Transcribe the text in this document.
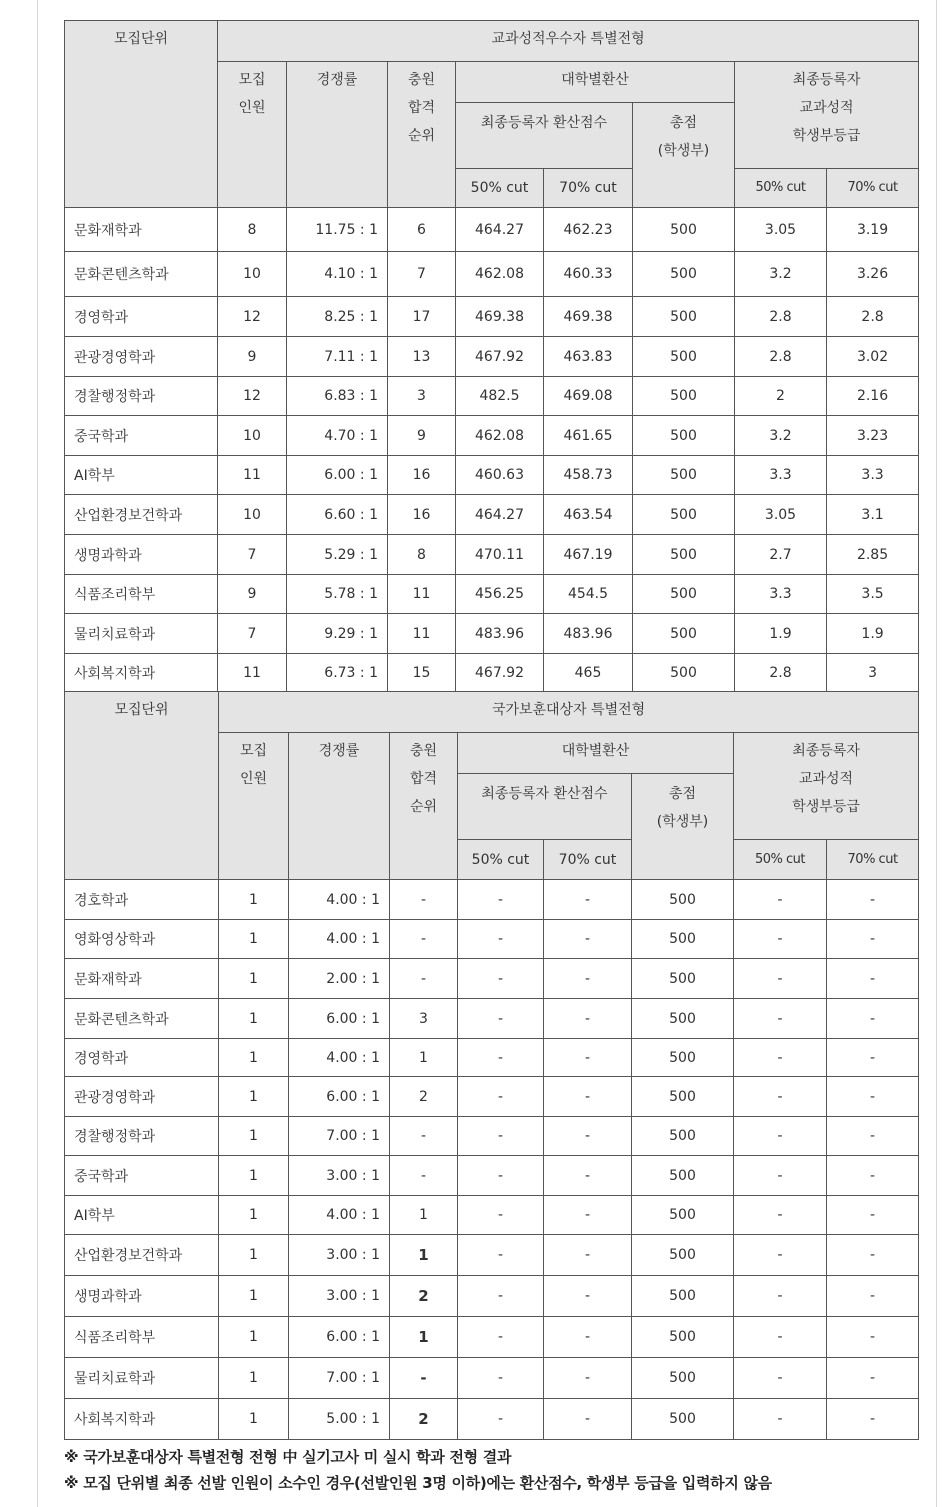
모집단위	교과성적우수자 특별전형							
	모집
인원	경쟁률	충원
합격
순위	대학별환산			최종등록자
교과성적
학생부등급	
				최종등록자 환산점수		총점
(학생부)		
				50% cut	70% cut		50% cut	70% cut
문화재학과	8	11.75 : 1	6	464.27	462.23	500	3.05	3.19
문화콘텐츠학과	10	4.10 : 1	7	462.08	460.33	500	3.2	3.26
경영학과	12	8.25 : 1	17	469.38	469.38	500	2.8	2.8
관광경영학과	9	7.11 : 1	13	467.92	463.83	500	2.8	3.02
경찰행정학과	12	6.83 : 1	3	482.5	469.08	500	2	2.16
중국학과	10	4.70 : 1	9	462.08	461.65	500	3.2	3.23
AI학부	11	6.00 : 1	16	460.63	458.73	500	3.3	3.3
산업환경보건학과	10	6.60 : 1	16	464.27	463.54	500	3.05	3.1
생명과학과	7	5.29 : 1	8	470.11	467.19	500	2.7	2.85
식품조리학부	9	5.78 : 1	11	456.25	454.5	500	3.3	3.5
물리치료학과	7	9.29 : 1	11	483.96	483.96	500	1.9	1.9
사회복지학과	11	6.73 : 1	15	467.92	465	500	2.8	3
모집단위	국가보훈대상자 특별전형							
	모집
인원	경쟁률	충원
합격
순위	대학별환산			최종등록자
교과성적
학생부등급	
				최종등록자 환산점수		총점
(학생부)		
				50% cut	70% cut		50% cut	70% cut
경호학과	1	4.00 : 1	-	-	-	500	-	-
영화영상학과	1	4.00 : 1	-	-	-	500	-	-
문화재학과	1	2.00 : 1	-	-	-	500	-	-
문화콘텐츠학과	1	6.00 : 1	3	-	-	500	-	-
경영학과	1	4.00 : 1	1	-	-	500	-	-
관광경영학과	1	6.00 : 1	2	-	-	500	-	-
경찰행정학과	1	7.00 : 1	-	-	-	500	-	-
중국학과	1	3.00 : 1	-	-	-	500	-	-
AI학부	1	4.00 : 1	1	-	-	500	-	-
산업환경보건학과	1	3.00 : 1	1	-	-	500	-	-
생명과학과	1	3.00 : 1	2	-	-	500	-	-
식품조리학부	1	6.00 : 1	1	-	-	500	-	-
물리치료학과	1	7.00 : 1	-	-	-	500	-	-
사회복지학과	1	5.00 : 1	2	-	-	500	-	-
※ 국가보훈대상자 특별전형 전형 中 실기고사 미 실시 학과 전형 결과
※ 모집 단위별 최종 선발 인원이 소수인 경우(선발인원 3명 이하)에는 환산점수, 학생부 등급을 입력하지 않음
